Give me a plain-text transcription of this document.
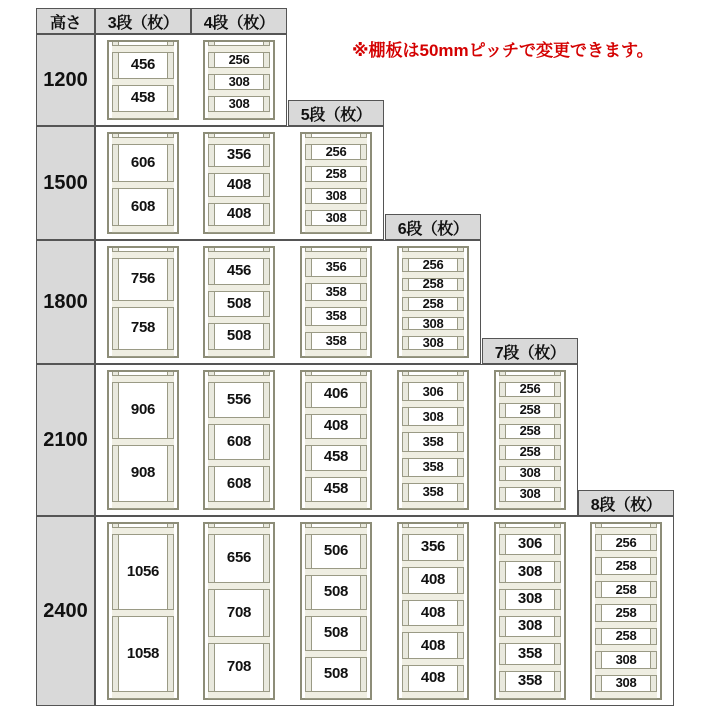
高さ	3段（枚）	4段（枚）
5段（枚）
6段（枚）
7段（枚）
8段（枚）
1200
1500
1800
2100
2400
456
458
256
308
308
606
608
356
408
408
256
258
308
308
756
758
456
508
508
356
358
358
358
256
258
258
308
308
906
908
556
608
608
406
408
458
458
306
308
358
358
358
256
258
258
258
308
308
1056
1058
656
708
708
506
508
508
508
356
408
408
408
408
306
308
308
308
358
358
256
258
258
258
258
308
308
※棚板は50mmピッチで変更できます。
